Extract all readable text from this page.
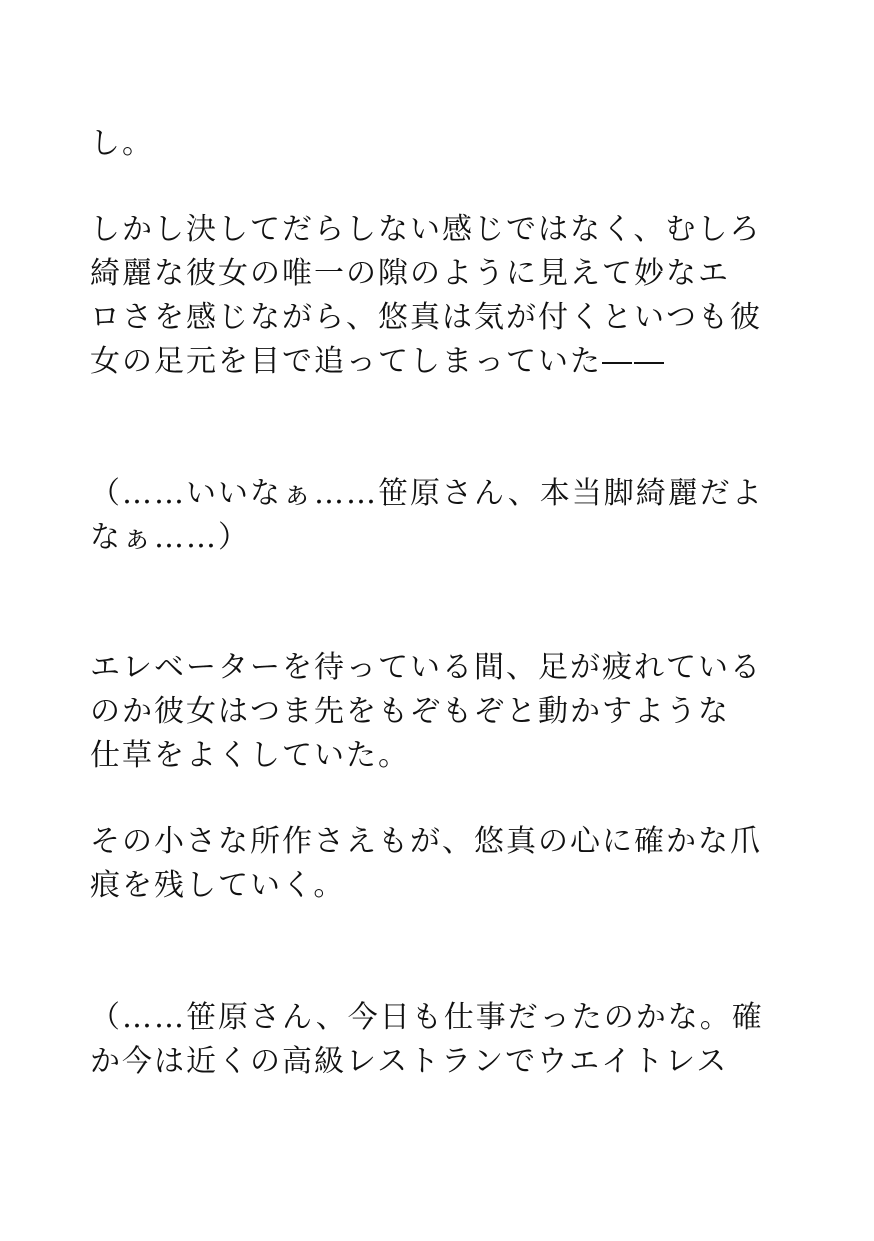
し。
しかし決してだらしない感じではなく、むしろ
綺麗な彼女の唯一の隙のように見えて妙なエ
ロさを感じながら、悠真は気が付くといつも彼
女の足元を目で追ってしまっていた――
（……いいなぁ……笹原さん、本当脚綺麗だよ
なぁ……）
エレベーターを待っている間、足が疲れている
のか彼女はつま先をもぞもぞと動かすような
仕草をよくしていた。
その小さな所作さえもが、悠真の心に確かな爪
痕を残していく。
（……笹原さん、今日も仕事だったのかな。確
か今は近くの高級レストランでウエイトレス
